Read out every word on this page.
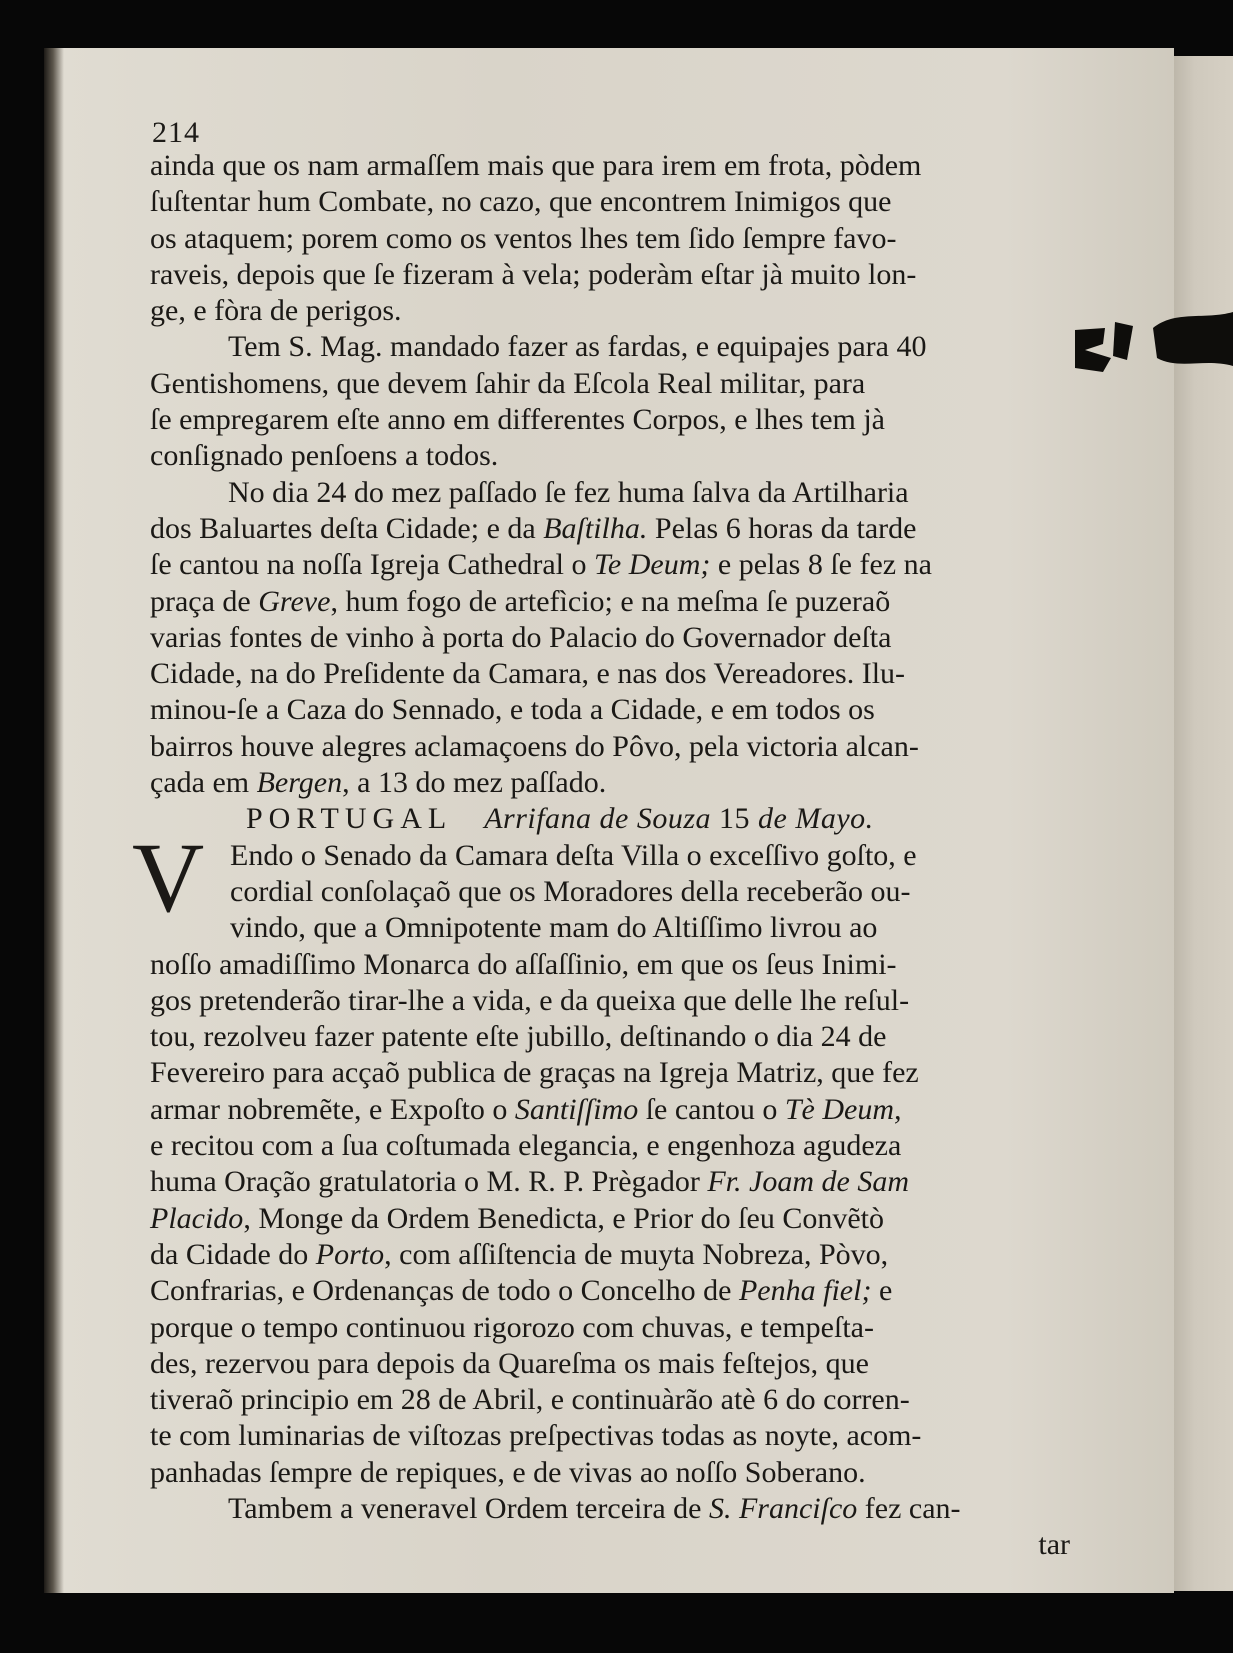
214
ainda que os nam armaſſem mais que para irem em frota, pòdem
ſuſtentar hum Combate, no cazo, que encontrem Inimigos que
os ataquem; porem como os ventos lhes tem ſido ſempre favo-
raveis, depois que ſe fizeram à vela; poderàm eſtar jà muito lon-
ge, e fòra de perigos.
Tem S. Mag. mandado fazer as fardas, e equipajes para 40
Gentishomens, que devem ſahir da Eſcola Real militar, para
ſe empregarem eſte anno em differentes Corpos, e lhes tem jà
conſignado penſoens a todos.
No dia 24 do mez paſſado ſe fez huma ſalva da Artilharia
dos Baluartes deſta Cidade; e da Baſtilha. Pelas 6 horas da tarde
ſe cantou na noſſa Igreja Cathedral o Te Deum; e pelas 8 ſe fez na
praça de Greve, hum fogo de artefìcio; e na meſma ſe puzeraõ
varias fontes de vinho à porta do Palacio do Governador deſta
Cidade, na do Preſidente da Camara, e nas dos Vereadores. Ilu-
minou-ſe a Caza do Sennado, e toda a Cidade, e em todos os
bairros houve alegres aclamaçoens do Pôvo, pela victoria alcan-
çada em Bergen, a 13 do mez paſſado.
PORTUGAL Arrifana de Souza 15 de Mayo.
V Endo o Senado da Camara deſta Villa o exceſſivo goſto, e
cordial conſolaçaõ que os Moradores della receberão ou-
vindo, que a Omnipotente mam do Altiſſimo livrou ao
noſſo amadiſſimo Monarca do aſſaſſinio, em que os ſeus Inimi-
gos pretenderão tirar-lhe a vida, e da queixa que delle lhe reſul-
tou, rezolveu fazer patente eſte jubillo, deſtinando o dia 24 de
Fevereiro para acçaõ publica de graças na Igreja Matriz, que fez
armar nobremẽte, e Expoſto o Santiſſimo ſe cantou o Tè Deum,
e recitou com a ſua coſtumada elegancia, e engenhoza agudeza
huma Oração gratulatoria o M. R. P. Prègador Fr. Joam de Sam
Placido, Monge da Ordem Benedicta, e Prior do ſeu Convẽtò
da Cidade do Porto, com aſſiſtencia de muyta Nobreza, Pòvo,
Confrarias, e Ordenanças de todo o Concelho de Penha fiel; e
porque o tempo continuou rigorozo com chuvas, e tempeſta-
des, rezervou para depois da Quareſma os mais feſtejos, que
tiveraõ principio em 28 de Abril, e continuàrão atè 6 do corren-
te com luminarias de viſtozas preſpectivas todas as noyte, acom-
panhadas ſempre de repiques, e de vivas ao noſſo Soberano.
Tambem a veneravel Ordem terceira de S. Franciſco fez can-
tar
